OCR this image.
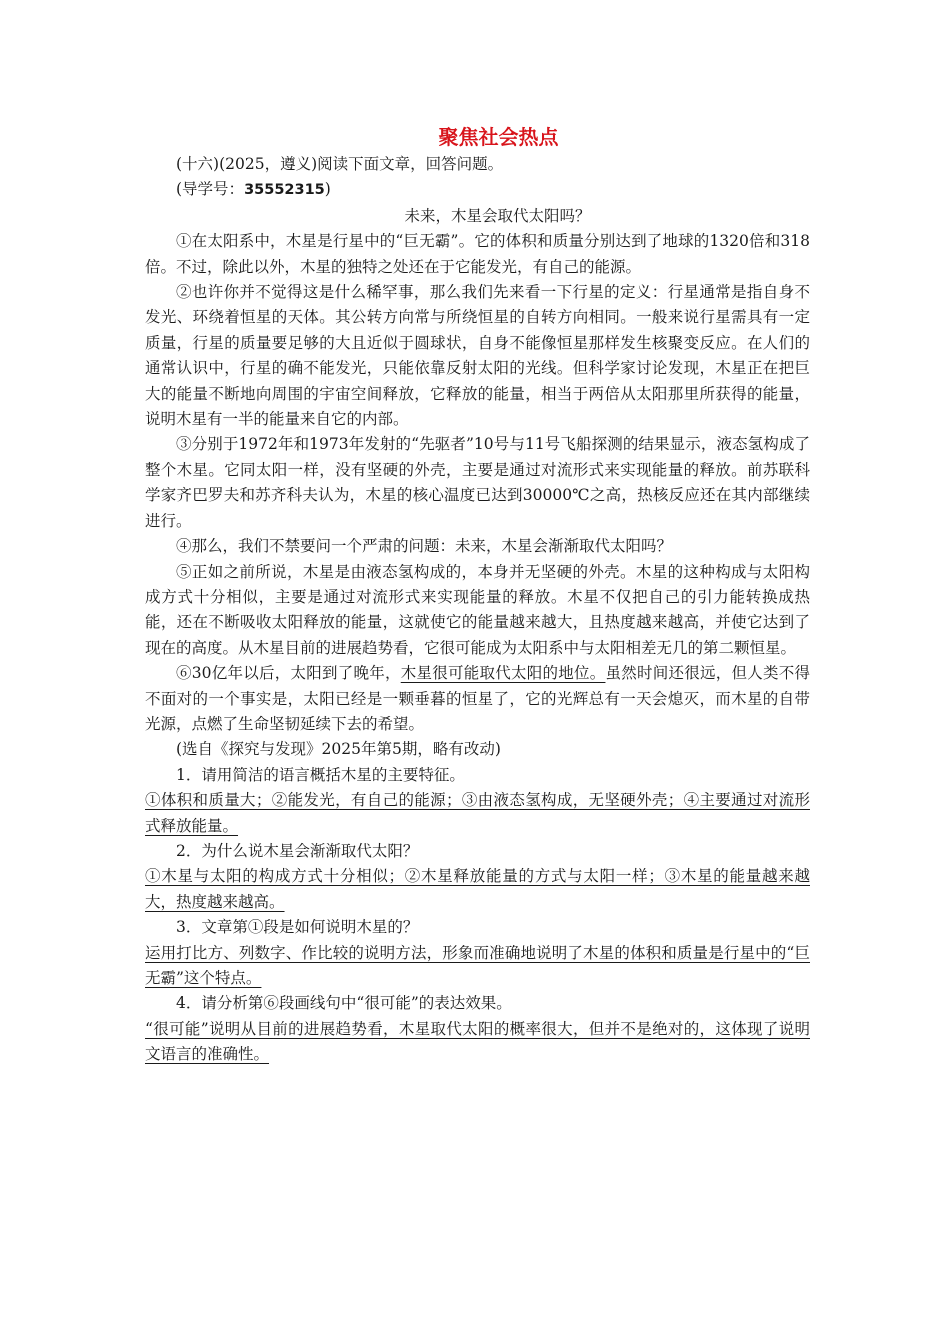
聚焦社会热点

(十六)(2025，遵义)阅读下面文章，回答问题。

(导学号：35552315)

未来，木星会取代太阳吗？

①在太阳系中，木星是行星中的“巨无霸”。它的体积和质量分别达到了地球的1320倍和318倍。不过，除此以外，木星的独特之处还在于它能发光，有自己的能源。

②也许你并不觉得这是什么稀罕事，那么我们先来看一下行星的定义：行星通常是指自身不发光、环绕着恒星的天体。其公转方向常与所绕恒星的自转方向相同。一般来说行星需具有一定质量，行星的质量要足够的大且近似于圆球状，自身不能像恒星那样发生核聚变反应。在人们的通常认识中，行星的确不能发光，只能依靠反射太阳的光线。但科学家讨论发现，木星正在把巨大的能量不断地向周围的宇宙空间释放，它释放的能量，相当于两倍从太阳那里所获得的能量，说明木星有一半的能量来自它的内部。

③分别于1972年和1973年发射的“先驱者”10号与11号飞船探测的结果显示，液态氢构成了整个木星。它同太阳一样，没有坚硬的外壳，主要是通过对流形式来实现能量的释放。前苏联科学家齐巴罗夫和苏齐科夫认为，木星的核心温度已达到30000℃之高，热核反应还在其内部继续进行。

④那么，我们不禁要问一个严肃的问题：未来，木星会渐渐取代太阳吗？

⑤正如之前所说，木星是由液态氢构成的，本身并无坚硬的外壳。木星的这种构成与太阳构成方式十分相似，主要是通过对流形式来实现能量的释放。木星不仅把自己的引力能转换成热能，还在不断吸收太阳释放的能量，这就使它的能量越来越大，且热度越来越高，并使它达到了现在的高度。从木星目前的进展趋势看，它很可能成为太阳系中与太阳相差无几的第二颗恒星。

⑥30亿年以后，太阳到了晚年，木星很可能取代太阳的地位。虽然时间还很远，但人类不得不面对的一个事实是，太阳已经是一颗垂暮的恒星了，它的光辉总有一天会熄灭，而木星的自带光源，点燃了生命坚韧延续下去的希望。

(选自《探究与发现》2025年第5期，略有改动)

1．请用简洁的语言概括木星的主要特征。

①体积和质量大；②能发光，有自己的能源；③由液态氢构成，无坚硬外壳；④主要通过对流形式释放能量。

2．为什么说木星会渐渐取代太阳？

①木星与太阳的构成方式十分相似；②木星释放能量的方式与太阳一样；③木星的能量越来越大，热度越来越高。

3．文章第①段是如何说明木星的？

运用打比方、列数字、作比较的说明方法，形象而准确地说明了木星的体积和质量是行星中的“巨无霸”这个特点。

4．请分析第⑥段画线句中“很可能”的表达效果。

“很可能”说明从目前的进展趋势看，木星取代太阳的概率很大，但并不是绝对的，这体现了说明文语言的准确性。
